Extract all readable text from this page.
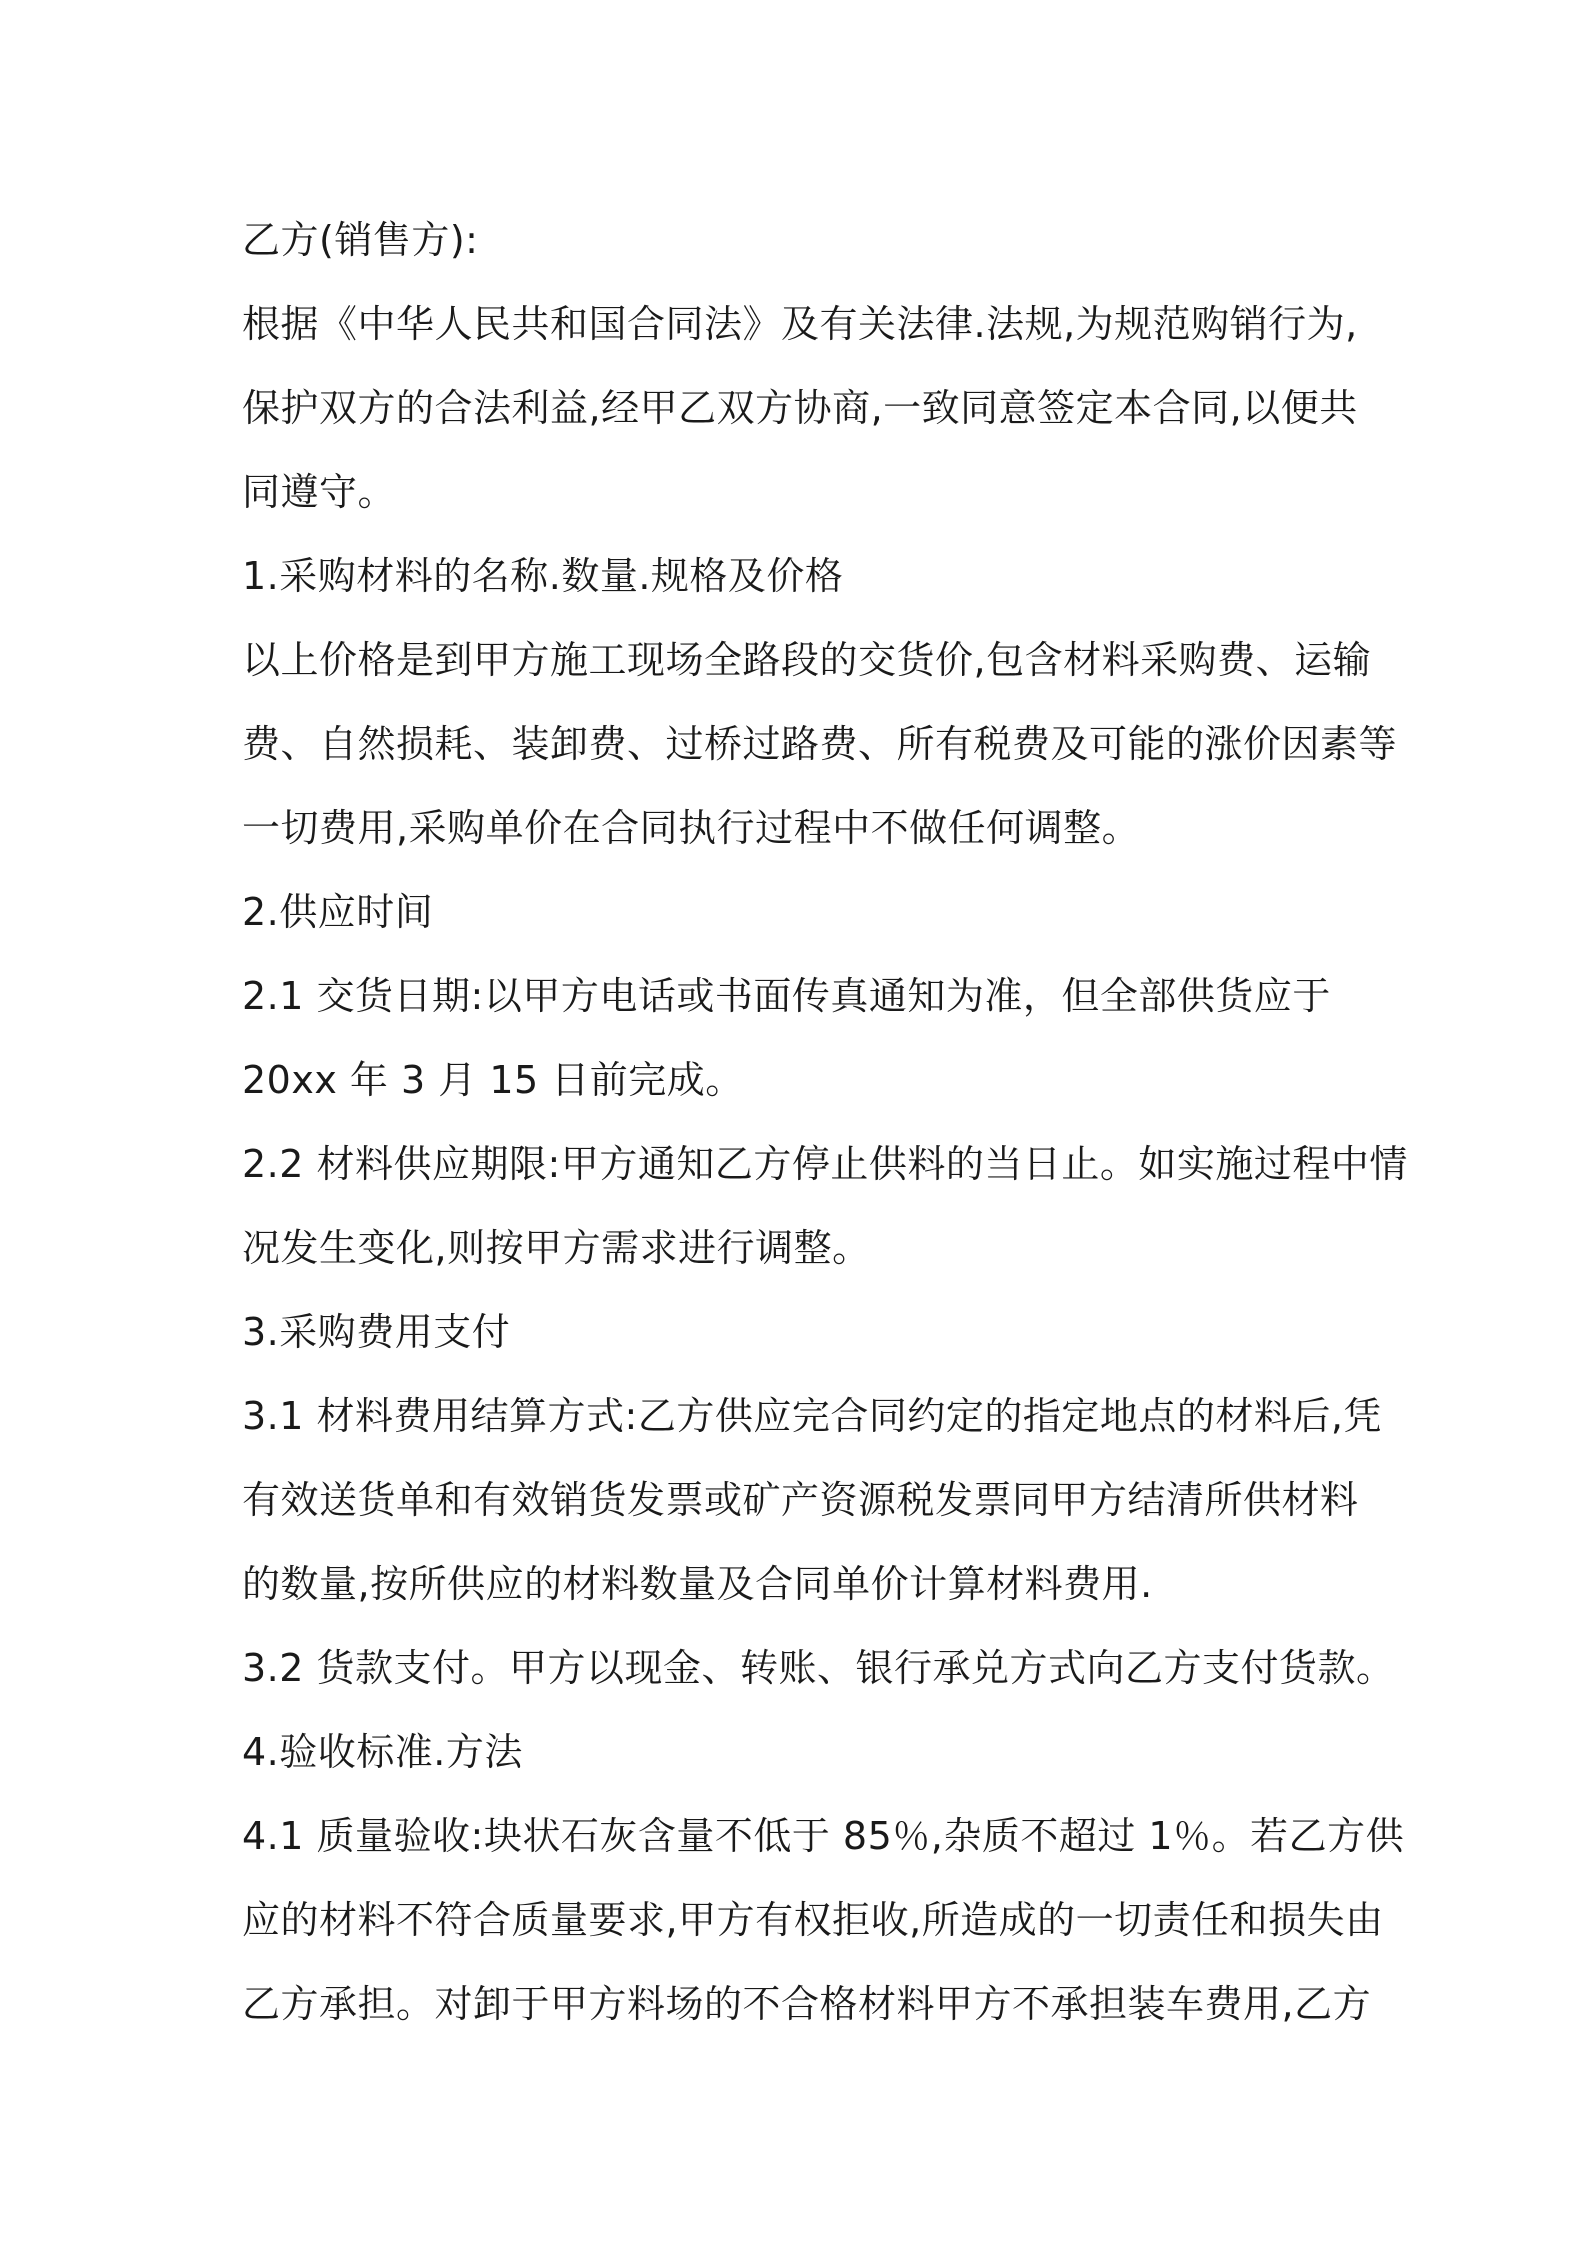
乙方(销售方):
根据《中华人民共和国合同法》及有关法律.法规,为规范购销行为,
保护双方的合法利益,经甲乙双方协商,一致同意签定本合同,以便共
同遵守。
1.采购材料的名称.数量.规格及价格
以上价格是到甲方施工现场全路段的交货价,包含材料采购费、运输
费、自然损耗、装卸费、过桥过路费、所有税费及可能的涨价因素等
一切费用,采购单价在合同执行过程中不做任何调整。
2.供应时间
2.1 交货日期:以甲方电话或书面传真通知为准，但全部供货应于
20xx 年 3 月 15 日前完成。
2.2 材料供应期限:甲方通知乙方停止供料的当日止。如实施过程中情
况发生变化,则按甲方需求进行调整。
3.采购费用支付
3.1 材料费用结算方式:乙方供应完合同约定的指定地点的材料后,凭
有效送货单和有效销货发票或矿产资源税发票同甲方结清所供材料
的数量,按所供应的材料数量及合同单价计算材料费用.
3.2 货款支付。甲方以现金、转账、银行承兑方式向乙方支付货款。
4.验收标准.方法
4.1 质量验收:块状石灰含量不低于 85％,杂质不超过 1％。若乙方供
应的材料不符合质量要求,甲方有权拒收,所造成的一切责任和损失由
乙方承担。对卸于甲方料场的不合格材料甲方不承担装车费用,乙方
